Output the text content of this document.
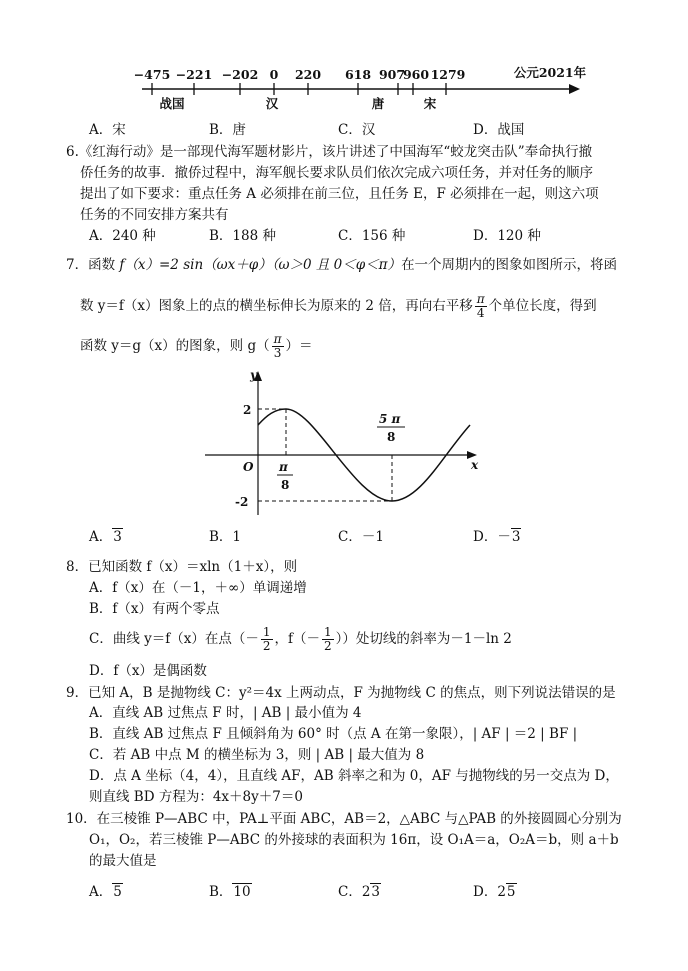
−475 −221 −202 0 220 618 907
960 1279	公元2021年
战国	汉	唐	宋
A．宋	B．唐	C．汉	D．战国
6.《红海行动》是一部现代海军题材影片，该片讲述了中国海军“蛟龙突击队”奉命执行撤
侨任务的故事．撤侨过程中，海军舰长要求队员们依次完成六项任务，并对任务的顺序
提出了如下要求：重点任务 A 必须排在前三位，且任务 E，F 必须排在一起，则这六项
任务的不同安排方案共有
A．240 种	B．188 种	C．156 种	D．120 种
7．函数 f（x）=2 sin（ωx＋φ）（ω＞0 且 0＜φ＜π）在一个周期内的图象如图所示，将函
数 y＝f（x）图象上的点的横坐标伸长为原来的 2 倍，再向右平移 $\frac{\pi}{4}$ 个单位长度，得到
函数 y＝g（x）的图象，则 $g( \frac{\pi}{3}$ ）＝
y
x
O
2
-2
π
8
5 π
8
A．3	B．1	C．－1	D．－3
8．已知函数 f（x）＝xln（1＋x），则
A．f（x）在（－1，＋∞）单调递增
B．f（x）有两个零点
C．曲线 y＝f（x）在点（－ $\frac{1}{2}$ ，$f(- \frac{1}{2}$ ））处切线的斜率为－1－ln 2
D．f（x）是偶函数
9．已知 A，B 是抛物线 C：y²＝4x 上两动点，F 为抛物线 C 的焦点，则下列说法错误的是
A．直线 AB 过焦点 F 时，| AB | 最小值为 4
B．直线 AB 过焦点 F 且倾斜角为 60° 时（点 A 在第一象限），| AF | ＝2 | BF |
C．若 AB 中点 M 的横坐标为 3，则 | AB | 最大值为 8
D．点 A 坐标（4，4），且直线 AF，AB 斜率之和为 0，AF 与抛物线的另一交点为 D，
则直线 BD 方程为：4x＋8y＋7＝0
10．在三棱锥 P—ABC 中，PA⊥平面 ABC，AB＝2，△ABC 与△PAB 的外接圆圆心分别为
O₁，O₂，若三棱锥 P—ABC 的外接球的表面积为 16π，设 O₁A＝a，O₂A＝b，则 a＋b
的最大值是
A．5	B．10	C．23	D．25
